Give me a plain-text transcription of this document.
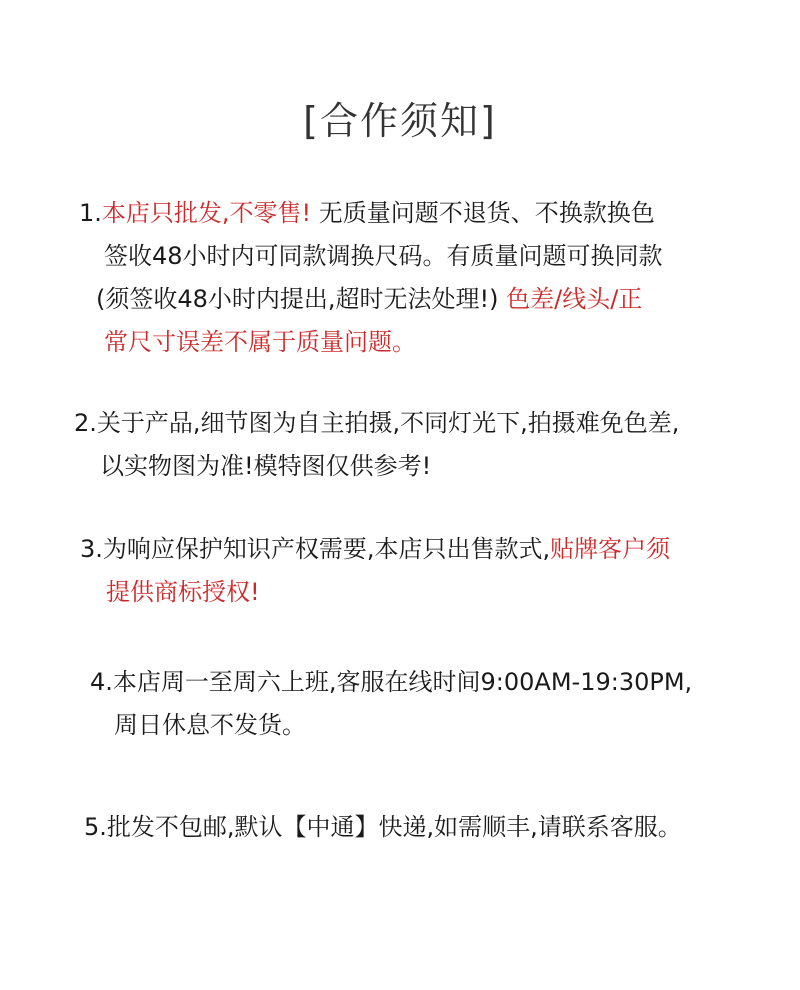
[合作须知]
1.本店只批发,不零售! 无质量问题不退货、不换款换色
签收48小时内可同款调换尺码。有质量问题可换同款
(须签收48小时内提出,超时无法处理!) 色差/线头/正
常尺寸误差不属于质量问题。
2.关于产品,细节图为自主拍摄,不同灯光下,拍摄难免色差,
以实物图为准!模特图仅供参考!
3.为响应保护知识产权需要,本店只出售款式,贴牌客户须
提供商标授权!
4.本店周一至周六上班,客服在线时间9:00AM-19:30PM,
周日休息不发货。
5.批发不包邮,默认【中通】快递,如需顺丰,请联系客服。
